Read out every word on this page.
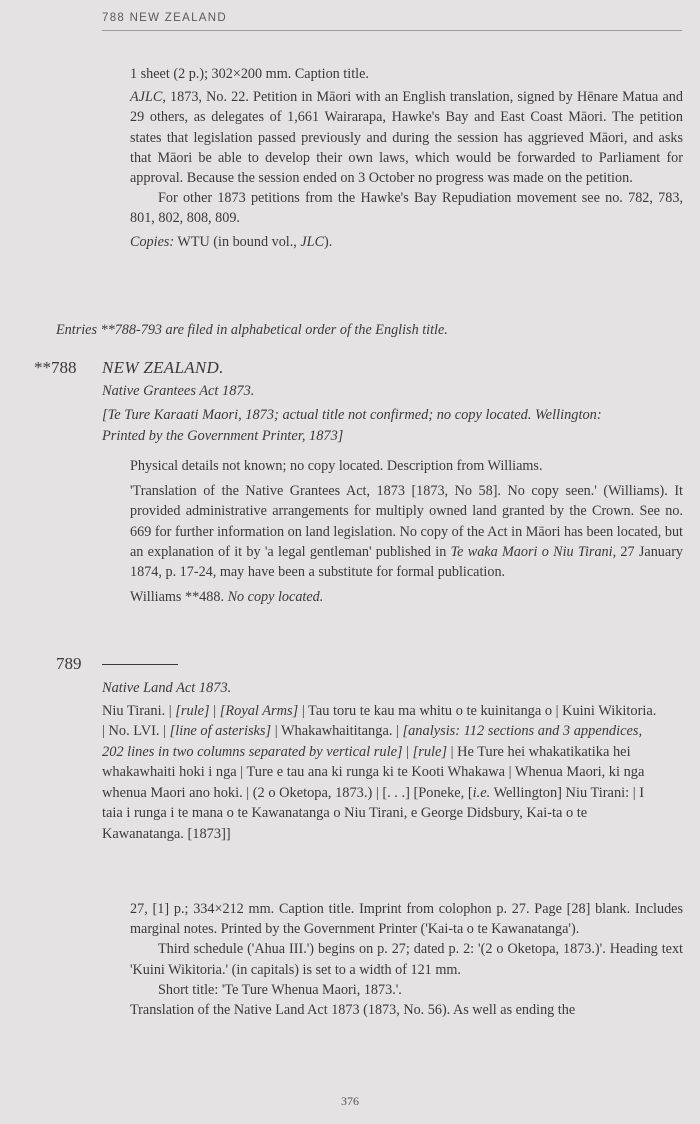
788 NEW ZEALAND

1 sheet (2 p.); 302×200 mm. Caption title.

AJLC, 1873, No. 22. Petition in Māori with an English translation, signed by Hēnare Matua and 29 others, as delegates of 1,661 Wairarapa, Hawke's Bay and East Coast Māori. The petition states that legislation passed previously and during the session has aggrieved Māori, and asks that Māori be able to develop their own laws, which would be forwarded to Parliament for approval. Because the session ended on 3 October no progress was made on the petition.

For other 1873 petitions from the Hawke's Bay Repudiation movement see no. 782, 783, 801, 802, 808, 809.

Copies: WTU (in bound vol., JLC).

Entries **788-793 are filed in alphabetical order of the English title.
**788 NEW ZEALAND.
Native Grantees Act 1873.
[Te Ture Karaati Maori, 1873; actual title not confirmed; no copy located. Wellington: Printed by the Government Printer, 1873]

Physical details not known; no copy located. Description from Williams.

'Translation of the Native Grantees Act, 1873 [1873, No 58]. No copy seen.' (Williams). It provided administrative arrangements for multiply owned land granted by the Crown. See no. 669 for further information on land legislation. No copy of the Act in Māori has been located, but an explanation of it by 'a legal gentleman' published in Te waka Maori o Niu Tirani, 27 January 1874, p. 17-24, may have been a substitute for formal publication.

Williams **488. No copy located.

789
Native Land Act 1873.
Niu Tirani. | [rule] | [Royal Arms] | Tau toru te kau ma whitu o te kuinitanga o | Kuini Wikitoria. | No. LVI. | [line of asterisks] | Whakawhaititanga. | [analysis: 112 sections and 3 appendices, 202 lines in two columns separated by vertical rule] | [rule] | He Ture hei whakatikatika hei whakawhaiti hoki i nga | Ture e tau ana ki runga ki te Kooti Whakawa | Whenua Maori, ki nga whenua Maori ano hoki. | (2 o Oketopa, 1873.) | [. . .] [Poneke, [i.e. Wellington] Niu Tirani: | I taia i runga i te mana o te Kawanatanga o Niu Tirani, e George Didsbury, Kai-ta o te Kawanatanga. [1873]]

27, [1] p.; 334×212 mm. Caption title. Imprint from colophon p. 27. Page [28] blank. Includes marginal notes. Printed by the Government Printer ('Kai-ta o te Kawanatanga').

Third schedule ('Ahua III.') begins on p. 27; dated p. 2: '(2 o Oketopa, 1873.)'. Heading text 'Kuini Wikitoria.' (in capitals) is set to a width of 121 mm.

Short title: 'Te Ture Whenua Maori, 1873.'.

Translation of the Native Land Act 1873 (1873, No. 56). As well as ending the

376
